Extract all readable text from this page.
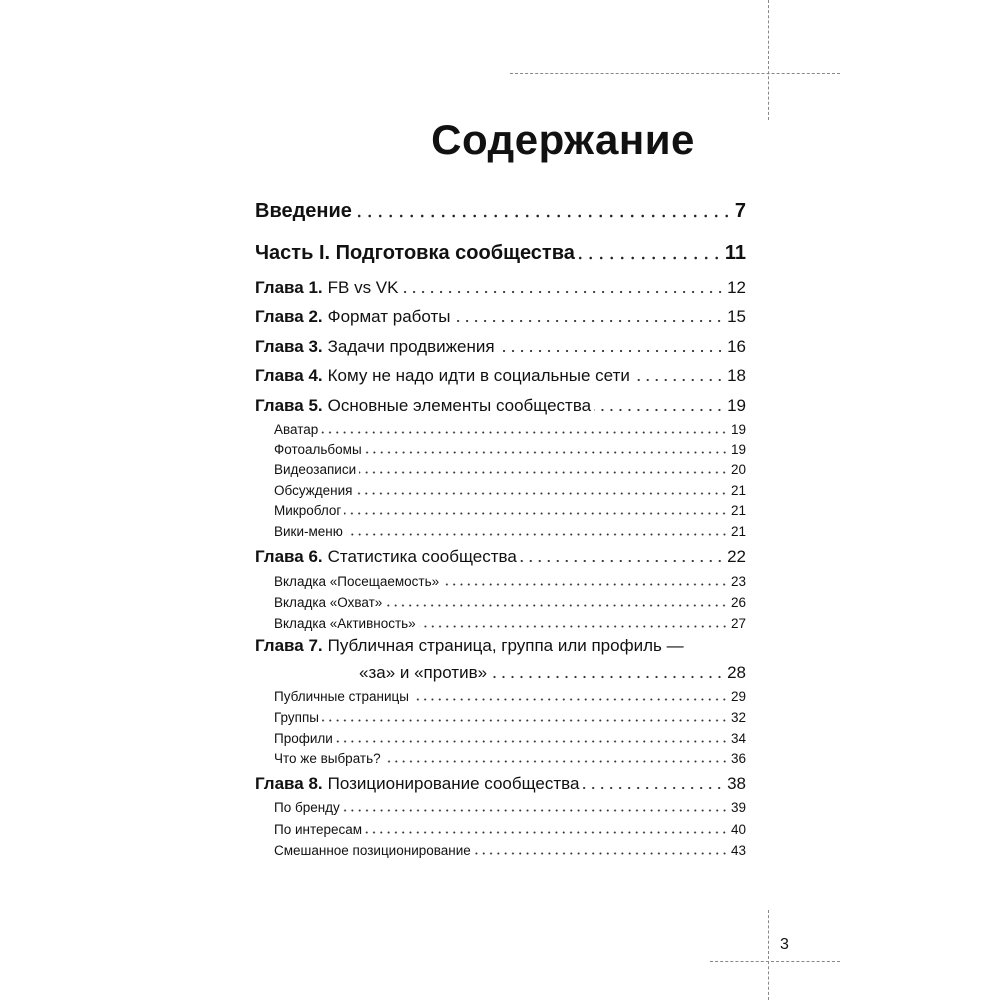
Содержание
Введение	7
Часть I. Подготовка сообщества	11
Глава 1. FB vs VK	12
Глава 2. Формат работы	15
Глава 3. Задачи продвижения	16
Глава 4. Кому не надо идти в социальные сети	18
Глава 5. Основные элементы сообщества	19
Аватар	19
Фотоальбомы	19
Видеозаписи	20
Обсуждения	21
Микроблог	21
Вики-меню	21
Глава 6. Статистика сообщества	22
Вкладка «Посещаемость»	23
Вкладка «Охват»	26
Вкладка «Активность»	27
Глава 7. Публичная страница, группа или профиль —
«за» и «против»	28
Публичные страницы	29
Группы	32
Профили	34
Что же выбрать?	36
Глава 8. Позиционирование сообщества	38
По бренду	39
По интересам	40
Смешанное позиционирование	43
3
